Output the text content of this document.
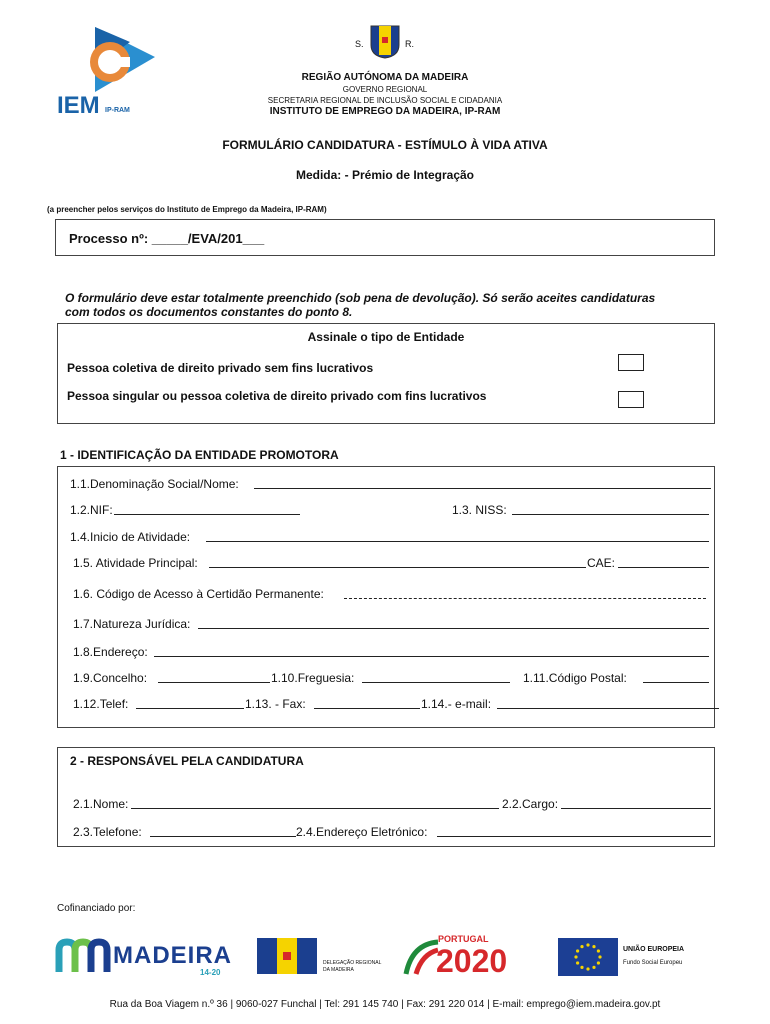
IEM IP-RAM
S.	R.
REGIÃO AUTÓNOMA DA MADEIRA
GOVERNO REGIONAL
SECRETARIA REGIONAL DE INCLUSÃO SOCIAL E CIDADANIA
INSTITUTO DE EMPREGO DA MADEIRA, IP-RAM
FORMULÁRIO CANDIDATURA - ESTÍMULO À VIDA ATIVA
Medida: - Prémio de Integração
(a preencher pelos serviços do Instituto de Emprego da Madeira, IP-RAM)
Processo nº: _____/EVA/201___
O formulário deve estar totalmente preenchido (sob pena de devolução). Só serão aceites candidaturas
com todos os documentos constantes do ponto 8.
Assinale o tipo de Entidade
Pessoa coletiva de direito privado sem fins lucrativos
Pessoa singular ou pessoa coletiva de direito privado com fins lucrativos
1 - IDENTIFICAÇÃO DA ENTIDADE PROMOTORA
1.1.Denominação Social/Nome:
1.2.NIF:	1.3. NISS:
1.4.Inicio de Atividade:
1.5. Atividade Principal:	CAE:
1.6. Código de Acesso à Certidão Permanente:
1.7.Natureza Jurídica:
1.8.Endereço:
1.9.Concelho:	1.10.Freguesia:	1.11.Código Postal:
1.12.Telef:	1.13. - Fax:	1.14.- e-mail:
2 - RESPONSÁVEL PELA CANDIDATURA
2.1.Nome:	2.2.Cargo:
2.3.Telefone:	2.4.Endereço Eletrónico:
Cofinanciado por:
MADEIRA
14-20
DELEGAÇÃO REGIONAL
DA MADEIRA
PORTUGAL
2020	UNIÃO EUROPEIA
Fundo Social Europeu
Rua da Boa Viagem n.º 36 | 9060-027 Funchal | Tel: 291 145 740 | Fax: 291 220 014 | E-mail: emprego@iem.madeira.gov.pt
